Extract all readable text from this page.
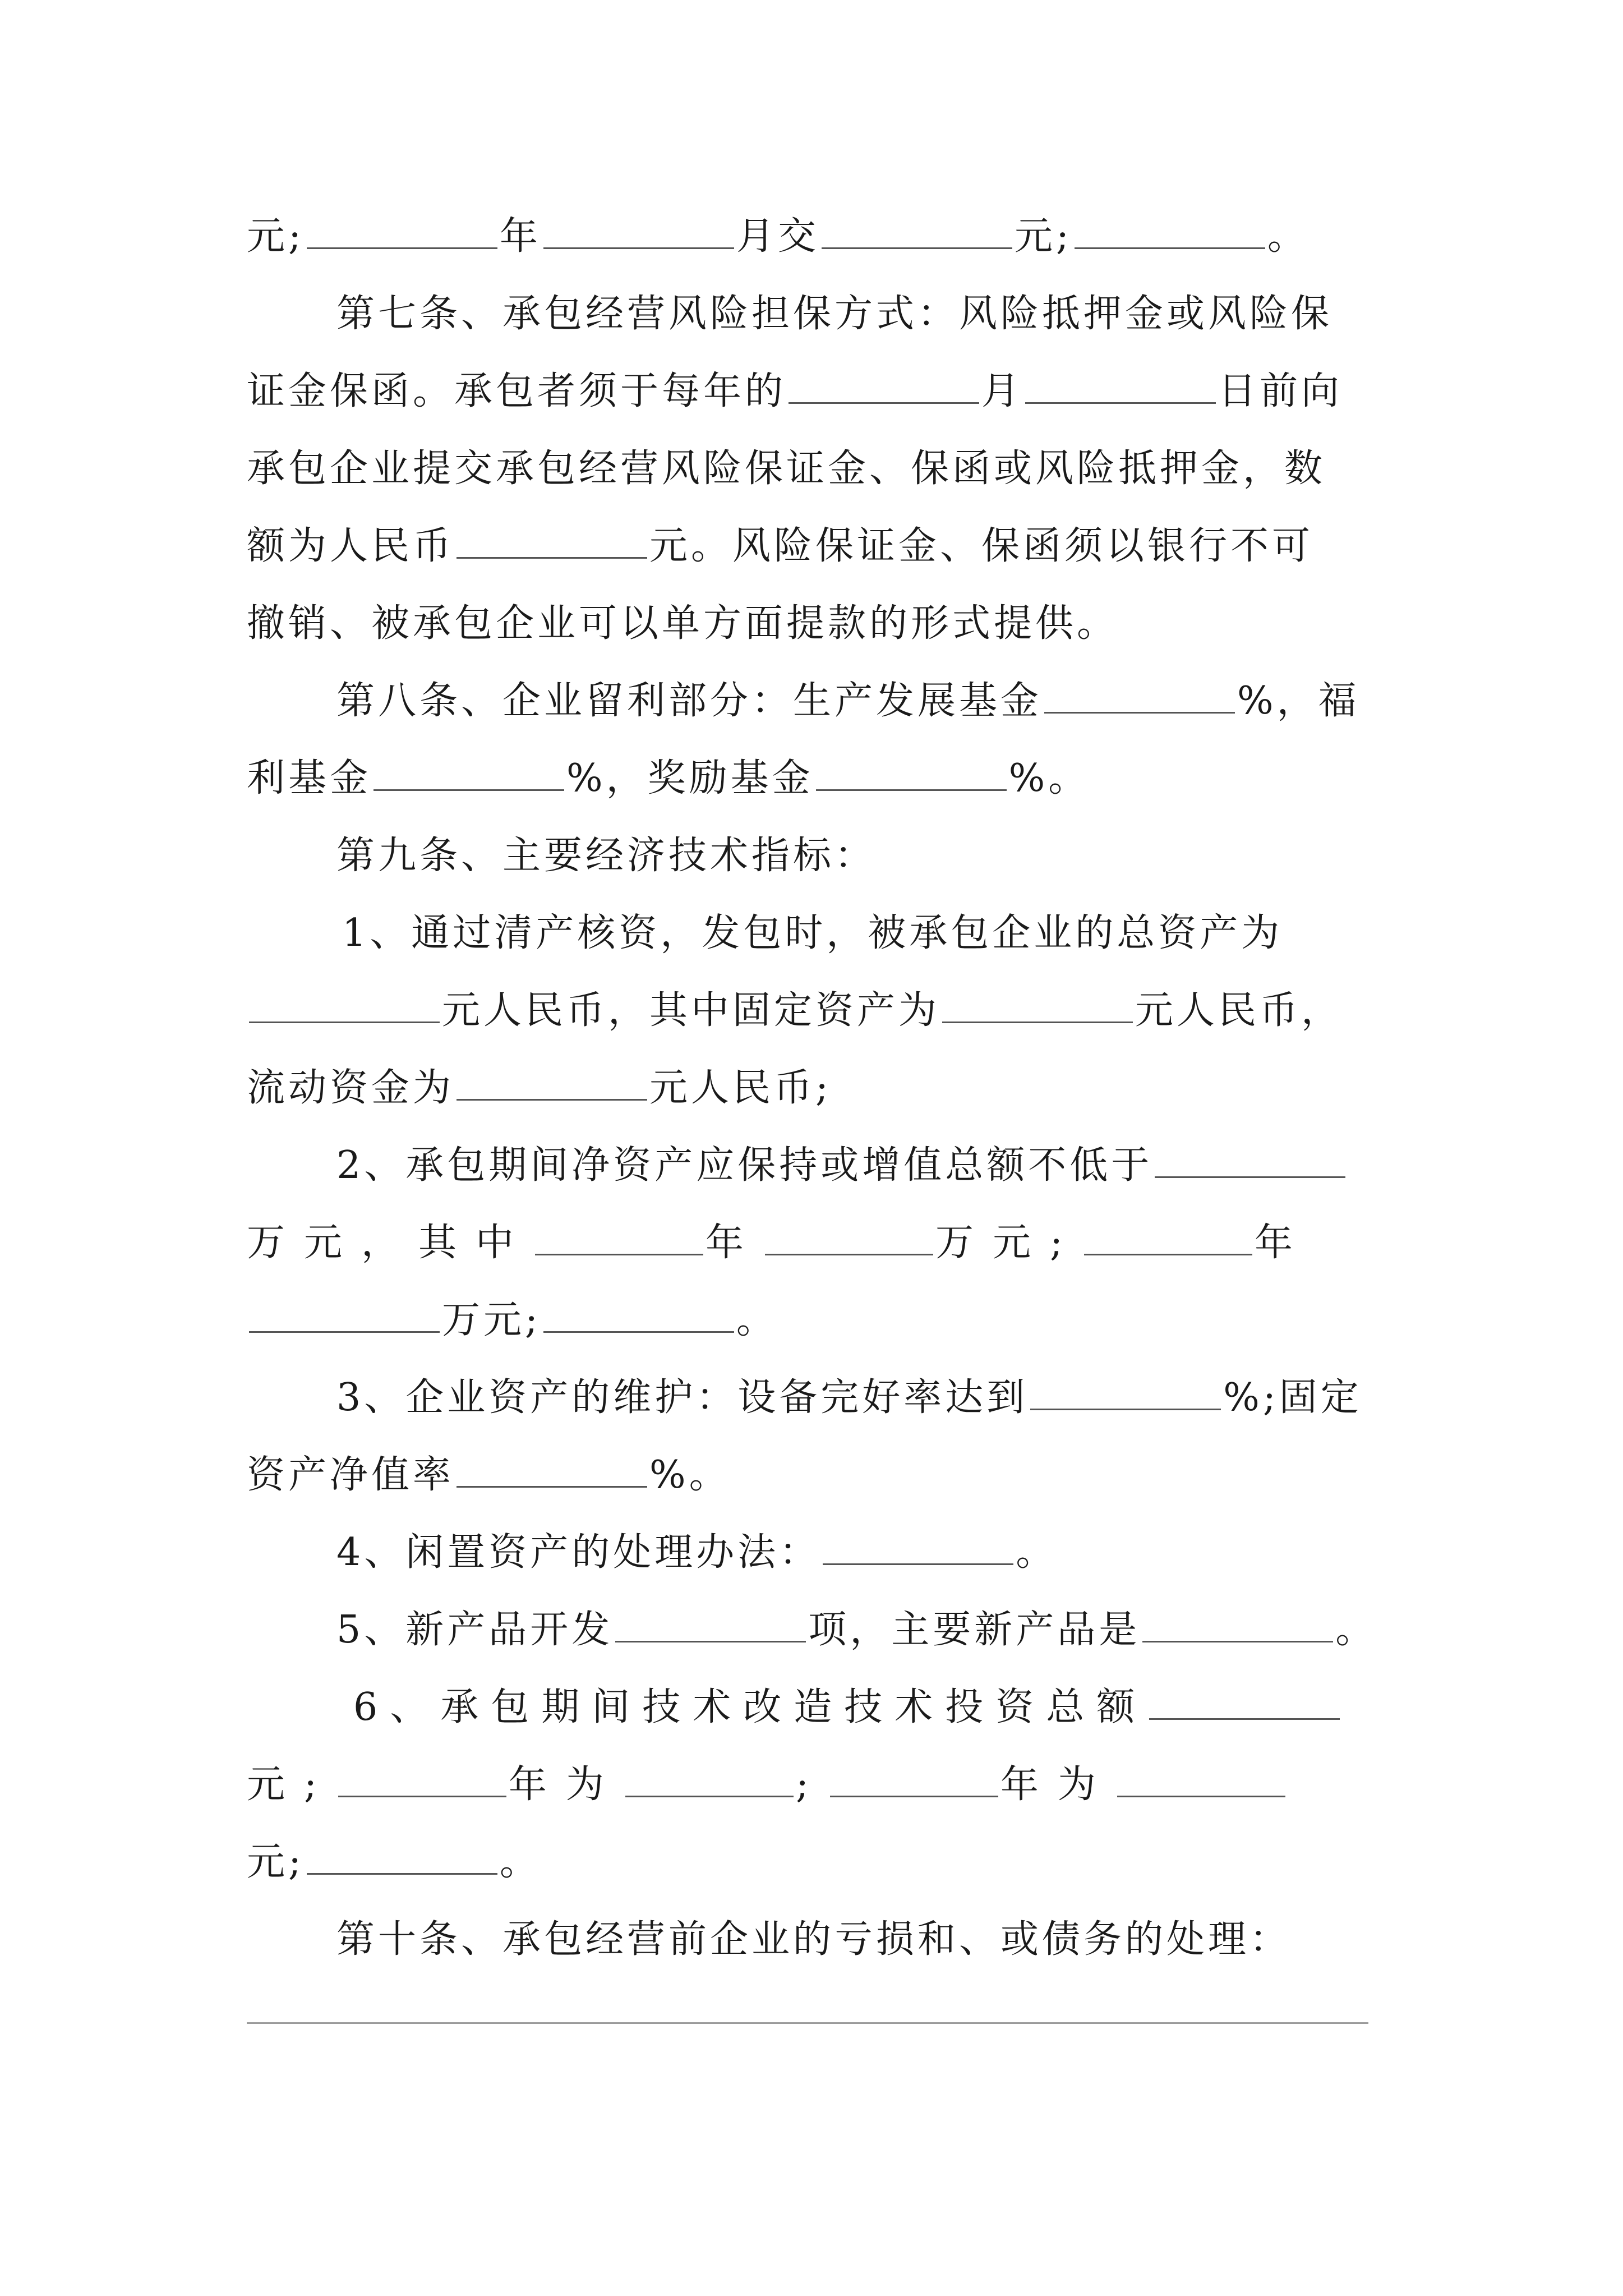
元;	年	月交	元;	。
第七条、承包经营风险担保方式：风险抵押金或风险保
证金保函。承包者须于每年的	月	日前向
承包企业提交承包经营风险保证金、保函或风险抵押金，数
额为人民币	元。风险保证金、保函须以银行不可
撤销、被承包企业可以单方面提款的形式提供。
第八条、企业留利部分：生产发展基金	%，福
利基金	%，奖励基金	%。
第九条、主要经济技术指标：
1、通过清产核资，发包时，被承包企业的总资产为
元人民币，其中固定资产为	元人民币，
流动资金为	元人民币;
2、承包期间净资产应保持或增值总额不低于
万元，其中	年	万元;	年
万元;	。
3、企业资产的维护：设备完好率达到	%;固定
资产净值率	%。
4、闲置资产的处理办法：	。
5、新产品开发	项，主要新产品是	。
6、承包期间技术改造技术投资总额
元;	年为	;	年为
元;	。
第十条、承包经营前企业的亏损和、或债务的处理：
